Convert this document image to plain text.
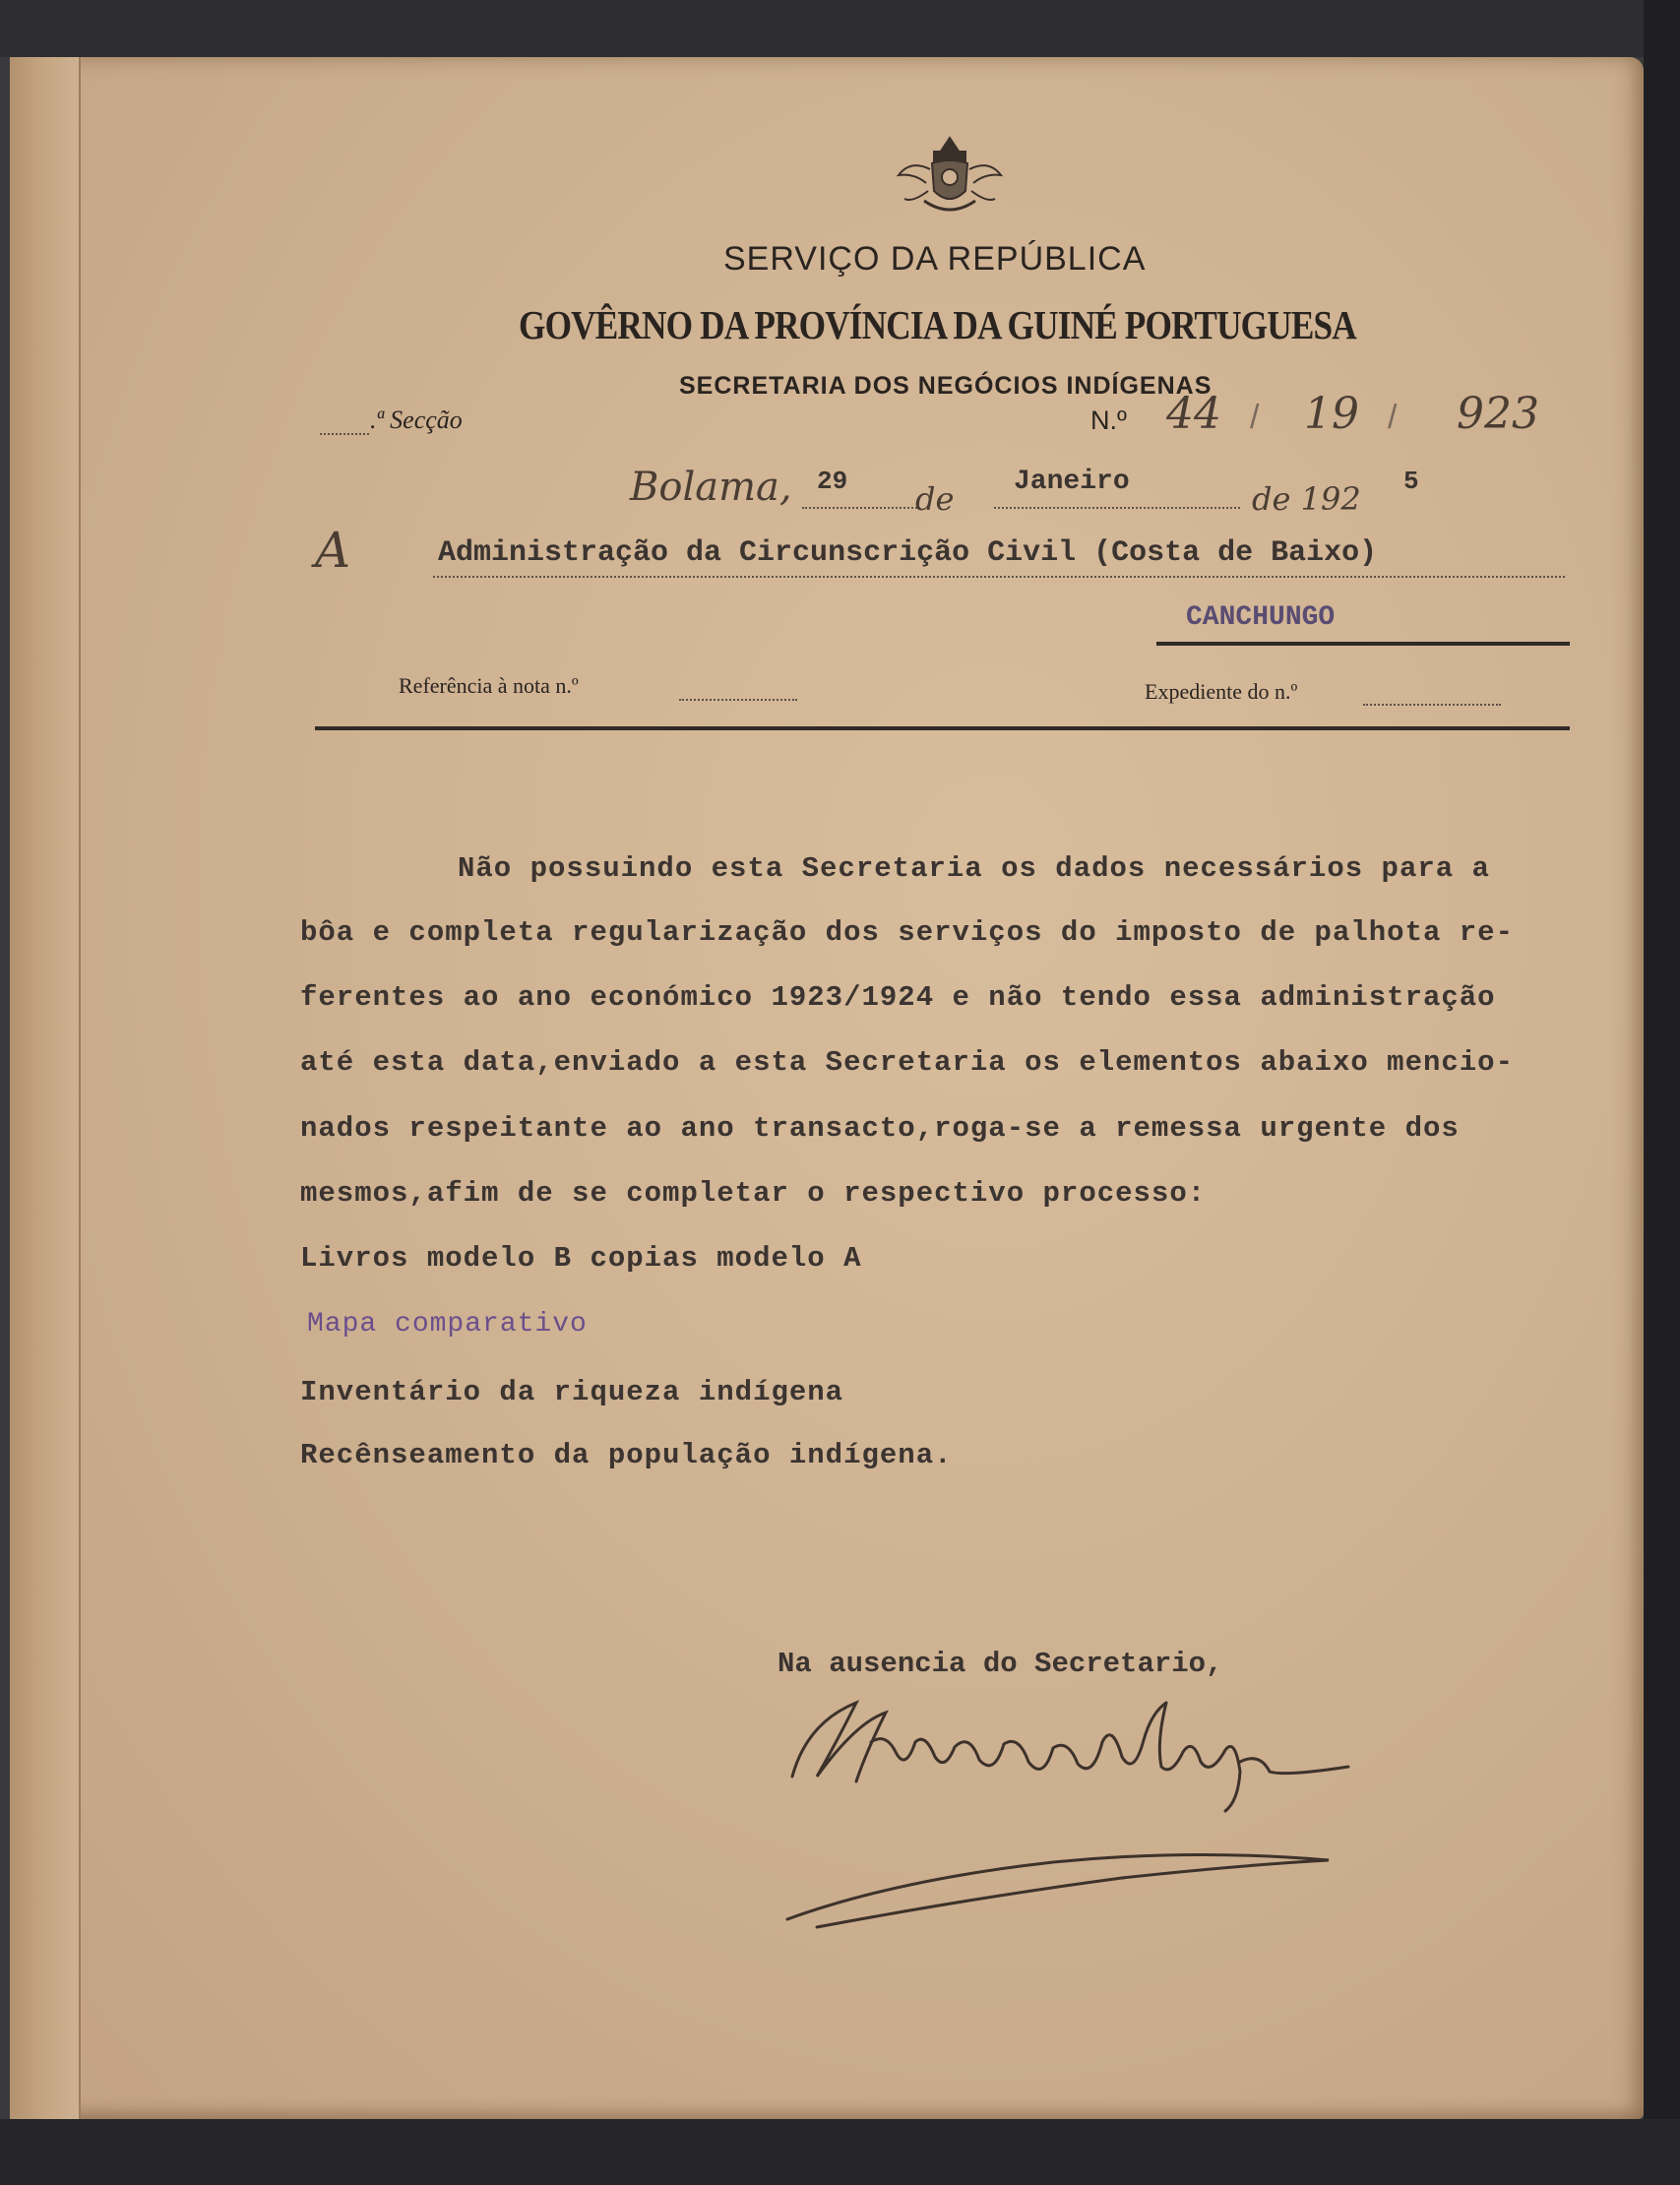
SERVIÇO DA REPÚBLICA
GOVÊRNO DA PROVÍNCIA DA GUINÉ PORTUGUESA
SECRETARIA DOS NEGÓCIOS INDÍGENAS
.ª Secção	N.º 44 / 19 / 923
Bolama, 29 de Janeiro	de 192 5
A	Administração da Circunscrição Civil (Costa de Baixo)
CANCHUNGO
Referência à nota n.º	Expediente do n.º
Não possuindo esta Secretaria os dados necessários para a
bôa e completa regularização dos serviços do imposto de palhota re-
ferentes ao ano económico 1923/1924 e não tendo essa administração
até esta data,enviado a esta Secretaria os elementos abaixo mencio-
nados respeitante ao ano transacto,roga-se a remessa urgente dos
mesmos,afim de se completar o respectivo processo:
Livros modelo B copias modelo A
Mapa comparativo
Inventário da riqueza indígena
Recênseamento da população indígena.
Na ausencia do Secretario,
